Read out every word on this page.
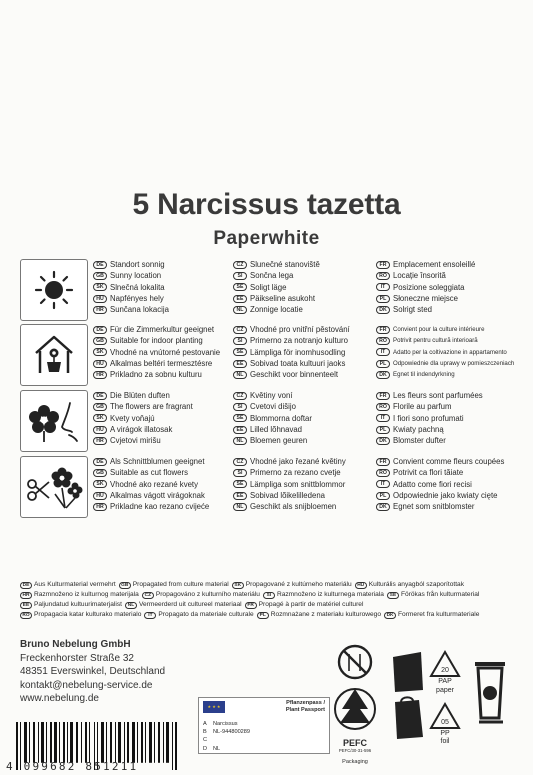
5 Narcissus tazetta
Paperwhite
DE Standort sonnig
GB Sunny location
SK Slnečná lokalita
HU Napfényes hely
HR Sunčana lokacija
CZ Slunečné stanoviště
SI Sončna lega
SE Soligt läge
EE Päikseline asukoht
NL Zonnige locatie
FR Emplacement ensoleillé
RO Locație însorită
IT Posizione soleggiata
PL Słoneczne miejsce
DK Solrigt sted
DE Für die Zimmerkultur geeignet
GB Suitable for indoor planting
SK Vhodné na vnútorné pestovanie
HU Alkalmas beltéri termesztésre
HR Prikladno za sobnu kulturu
CZ Vhodné pro vnitřní pěstování
SI Primerno za notranjo kulturo
SE Lämpliga för inomhusodling
EE Sobivad toata kultuuri jaoks
NL Geschikt voor binnenteelt
FR	Convient pour la culture intérieure
RO	Potrivit pentru cultură interioară
IT	Adatto per la coltivazione in appartamento
PL	Odpowiednie dla uprawy w pomieszczeniach
DK	Egnet til indendyrkning
DE Die Blüten duften
GB The flowers are fragrant
SK Kvety voňajú
HU A virágok illatosak
HR Cvjetovi mirišu
CZ Květiny voní
SI Cvetovi dišijo
SE Blommorna doftar
EE Lilled lõhnavad
NL Bloemen geuren
FR Les fleurs sont parfumées
RO Florile au parfum
IT I fiori sono profumati
PL Kwiaty pachną
DK Blomster dufter
DE Als Schnittblumen geeignet
GB Suitable as cut flowers
SK Vhodné ako rezané kvety
HU Alkalmas vágott virágoknak
HR Prikladne kao rezano cvijeće
CZ Vhodné jako řezané květiny
SI Primerno za rezano cvetje
SE Lämpliga som snittblommor
EE Sobivad lõikelilledena
NL Geschikt als snijbloemen
FR Convient comme fleurs coupées
RO Potrivit ca flori tăiate
IT Adatto come fiori recisi
PL Odpowiednie jako kwiaty cięte
DK Egnet som snitblomster
DE Aus Kulturmaterial vermehrt	GB Propagated from culture material	SK Propagované z kultúrneho materiálu	HU Kulturális anyagból szaporítottak
HR Razmnoženo iz kulturnog materijala	CZ Propagováno z kulturního materiálu	SI Razmnoženo iz kulturnega materiala	SE Förökas från kulturmaterial
EE Paljundatud kultuurimaterjalist	NL Vermeerderd uit cultureel materiaal	FR Propagé à partir de matériel culturel
RO Propagacia katar kulturako materialo	IT Propagato da materiale culturale	PL Rozmnażane z materiału kulturowego	DK Formeret fra kulturmateriale
Bruno Nebelung GmbH
Freckenhorster Straße 32
48351 Everswinkel, Deutschland
kontakt@nebelung-service.de
www.nebelung.de
★ ★ ★
Pflanzenpass /
Plant Passport
A	Narcissus
B	NL-944800289
C
D	NL
4 099682 851211

PEFC
PEFC/30-31-596
Packaging
20
PAP
paper
05
PP
foil
